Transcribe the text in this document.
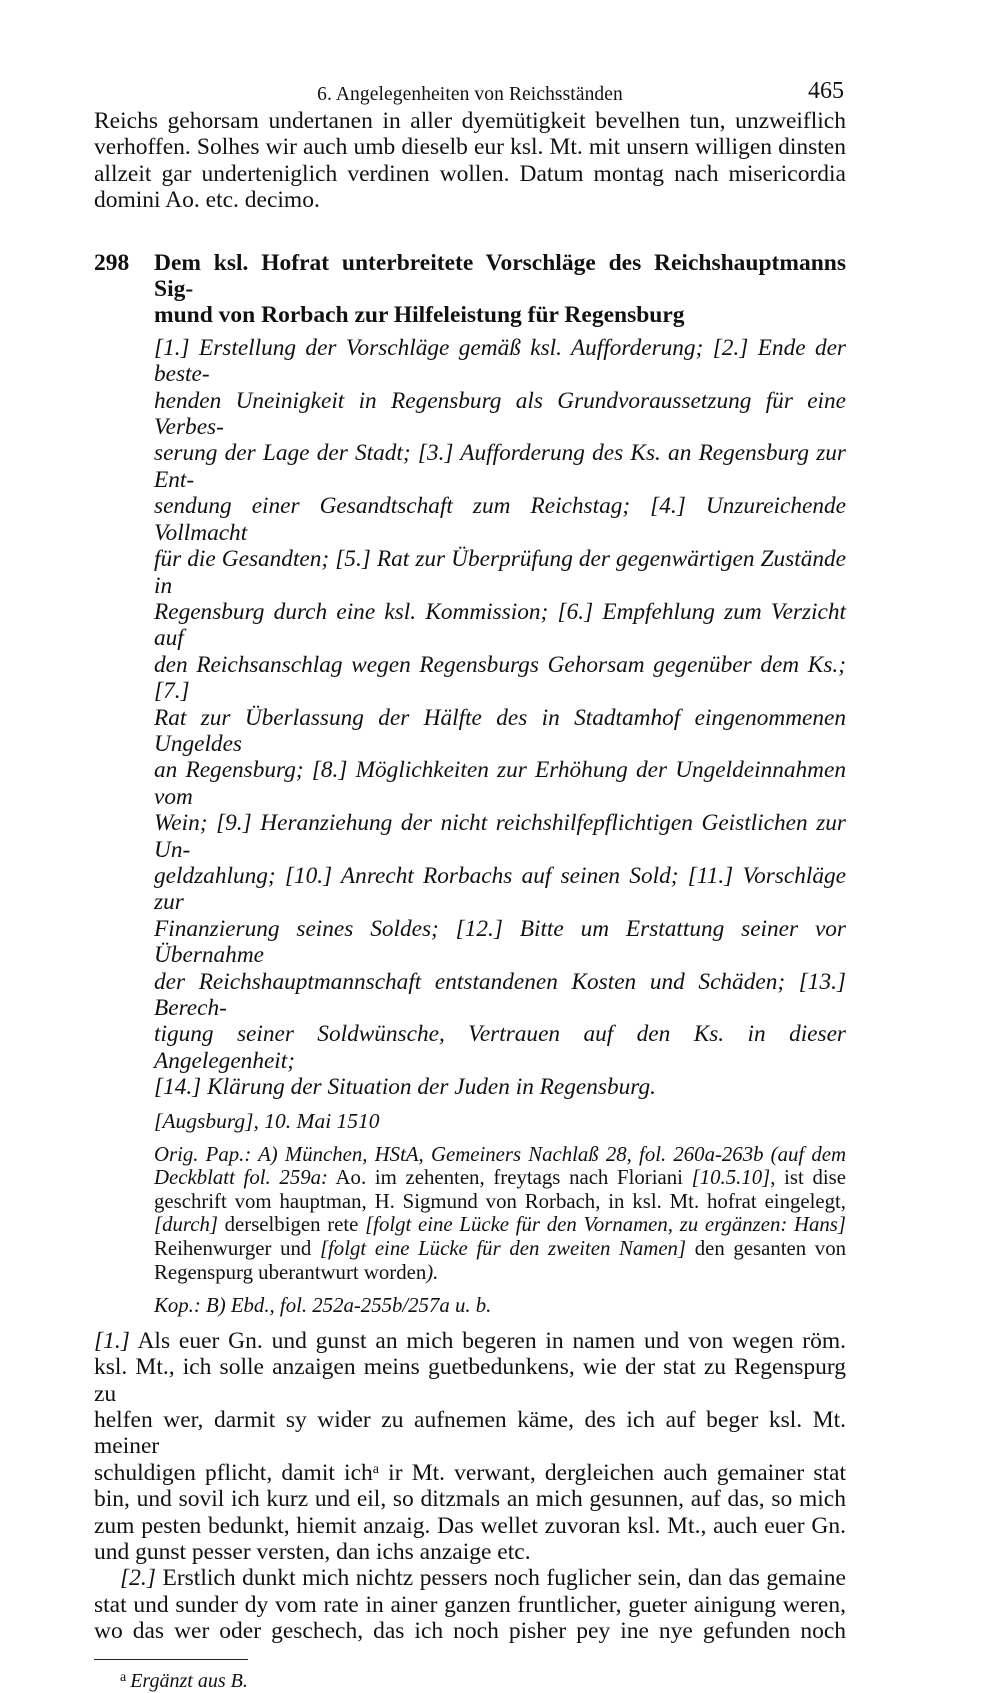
6. Angelegenheiten von Reichsständen	465
Reichs gehorsam undertanen in aller dyemütigkeit bevelhen tun, unzweiflich
verhoffen. Solhes wir auch umb dieselb eur ksl. Mt. mit unsern willigen dinsten
allzeit gar underteniglich verdinen wollen. Datum montag nach misericordia
domini Ao. etc. decimo.
298 Dem ksl. Hofrat unterbreitete Vorschläge des Reichshauptmanns Sig-
mund von Rorbach zur Hilfeleistung für Regensburg
[1.] Erstellung der Vorschläge gemäß ksl. Aufforderung; [2.] Ende der beste-
henden Uneinigkeit in Regensburg als Grundvoraussetzung für eine Verbes-
serung der Lage der Stadt; [3.] Aufforderung des Ks. an Regensburg zur Ent-
sendung einer Gesandtschaft zum Reichstag; [4.] Unzureichende Vollmacht
für die Gesandten; [5.] Rat zur Überprüfung der gegenwärtigen Zustände in
Regensburg durch eine ksl. Kommission; [6.] Empfehlung zum Verzicht auf
den Reichsanschlag wegen Regensburgs Gehorsam gegenüber dem Ks.; [7.]
Rat zur Überlassung der Hälfte des in Stadtamhof eingenommenen Ungeldes
an Regensburg; [8.] Möglichkeiten zur Erhöhung der Ungeldeinnahmen vom
Wein; [9.] Heranziehung der nicht reichshilfepflichtigen Geistlichen zur Un-
geldzahlung; [10.] Anrecht Rorbachs auf seinen Sold; [11.] Vorschläge zur
Finanzierung seines Soldes; [12.] Bitte um Erstattung seiner vor Übernahme
der Reichshauptmannschaft entstandenen Kosten und Schäden; [13.] Berech-
tigung seiner Soldwünsche, Vertrauen auf den Ks. in dieser Angelegenheit;
[14.] Klärung der Situation der Juden in Regensburg.
[Augsburg], 10. Mai 1510
Orig. Pap.: A) München, HStA, Gemeiners Nachlaß 28, fol. 260a-263b (auf dem
Deckblatt fol. 259a: Ao. im zehenten, freytags nach Floriani [10.5.10], ist dise
geschrift vom hauptman, H. Sigmund von Rorbach, in ksl. Mt. hofrat eingelegt,
[durch] derselbigen rete [folgt eine Lücke für den Vornamen, zu ergänzen: Hans]
Reihenwurger und [folgt eine Lücke für den zweiten Namen] den gesanten von
Regenspurg uberantwurt worden).
Kop.: B) Ebd., fol. 252a-255b/257a u. b.
[1.] Als euer Gn. und gunst an mich begeren in namen und von wegen röm.
ksl. Mt., ich solle anzaigen meins guetbedunkens, wie der stat zu Regenspurg zu
helfen wer, darmit sy wider zu aufnemen käme, des ich auf beger ksl. Mt. meiner
schuldigen pflicht, damit ich$^a$ ir Mt. verwant, dergleichen auch gemainer stat
bin, und sovil ich kurz und eil, so ditzmals an mich gesunnen, auf das, so mich
zum pesten bedunkt, hiemit anzaig. Das wellet zuvoran ksl. Mt., auch euer Gn.
und gunst pesser versten, dan ichs anzaige etc.
[2.] Erstlich dunkt mich nichtz pessers noch fuglicher sein, dan das gemaine
stat und sunder dy vom rate in ainer ganzen fruntlicher, gueter ainigung weren,
wo das wer oder geschech, das ich noch pisher pey ine nye gefunden noch
$^a$ Ergänzt aus B.
